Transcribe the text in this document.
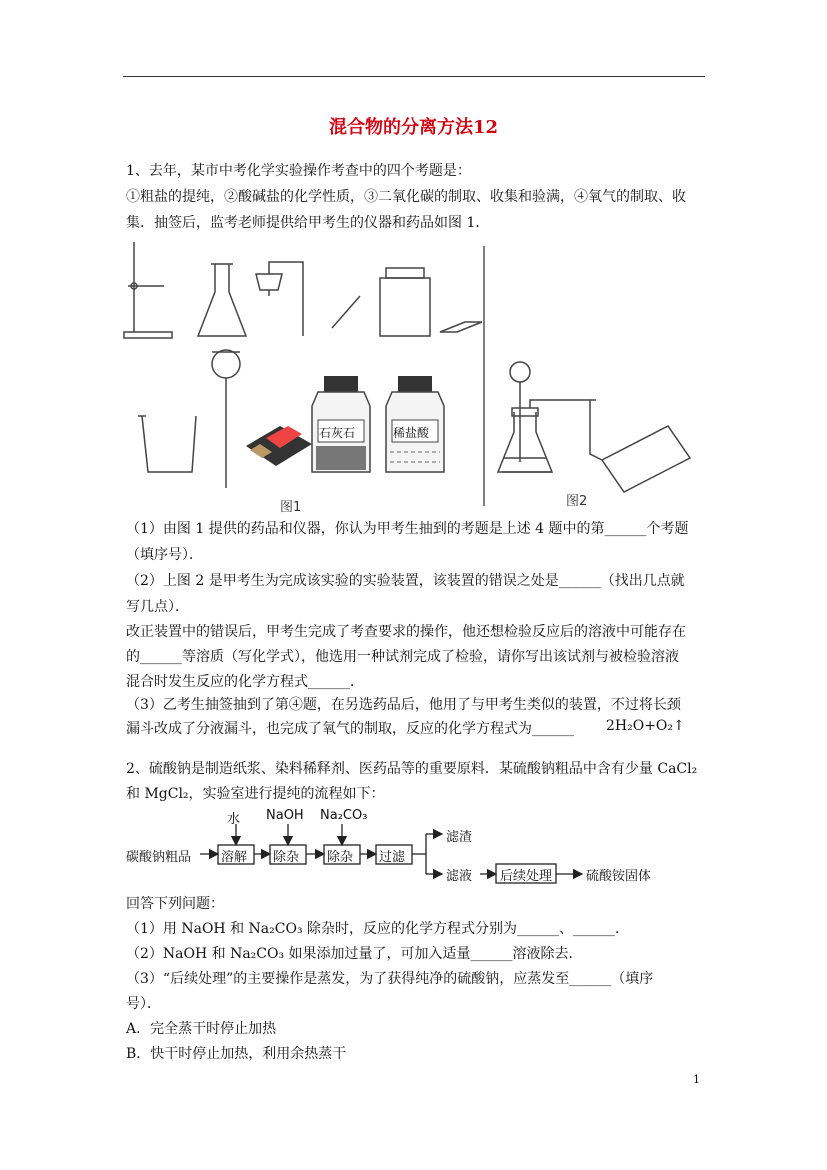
混合物的分离方法12
1、去年，某市中考化学实验操作考查中的四个考题是：
①粗盐的提纯，②酸碱盐的化学性质，③二氧化碳的制取、收集和验满，④氧气的制取、收
集．抽签后，监考老师提供给甲考生的仪器和药品如图 1．
石灰石	稀盐酸
图1	图2
（1）由图 1 提供的药品和仪器，你认为甲考生抽到的考题是上述 4 题中的第______个考题
（填序号）．
（2）上图 2 是甲考生为完成该实验的实验装置，该装置的错误之处是______（找出几点就
写几点）．
改正装置中的错误后，甲考生完成了考查要求的操作，他还想检验反应后的溶液中可能存在
的______等溶质（写化学式），他选用一种试剂完成了检验，请你写出该试剂与被检验溶液
混合时发生反应的化学方程式______．
（3）乙考生抽签抽到了第④题，在另选药品后，他用了与甲考生类似的装置，不过将长颈
漏斗改成了分液漏斗，也完成了氧气的制取，反应的化学方程式为______ 2H₂O+O₂↑
2、硫酸钠是制造纸浆、染料稀释剂、医药品等的重要原料．某硫酸钠粗品中含有少量 CaCl₂
和 MgCl₂，实验室进行提纯的流程如下：
水 NaOH Na₂CO₃
碳酸钠粗品 溶解 除杂 除杂 过滤
滤渣
滤液 后续处理	硫酸铵固体
回答下列问题：
（1）用 NaOH 和 Na₂CO₃ 除杂时，反应的化学方程式分别为______、______．
（2）NaOH 和 Na₂CO₃ 如果添加过量了，可加入适量______溶液除去．
（3）“后续处理”的主要操作是蒸发，为了获得纯净的硫酸钠，应蒸发至______（填序
号）．
A．完全蒸干时停止加热
B．快干时停止加热，利用余热蒸干
1
